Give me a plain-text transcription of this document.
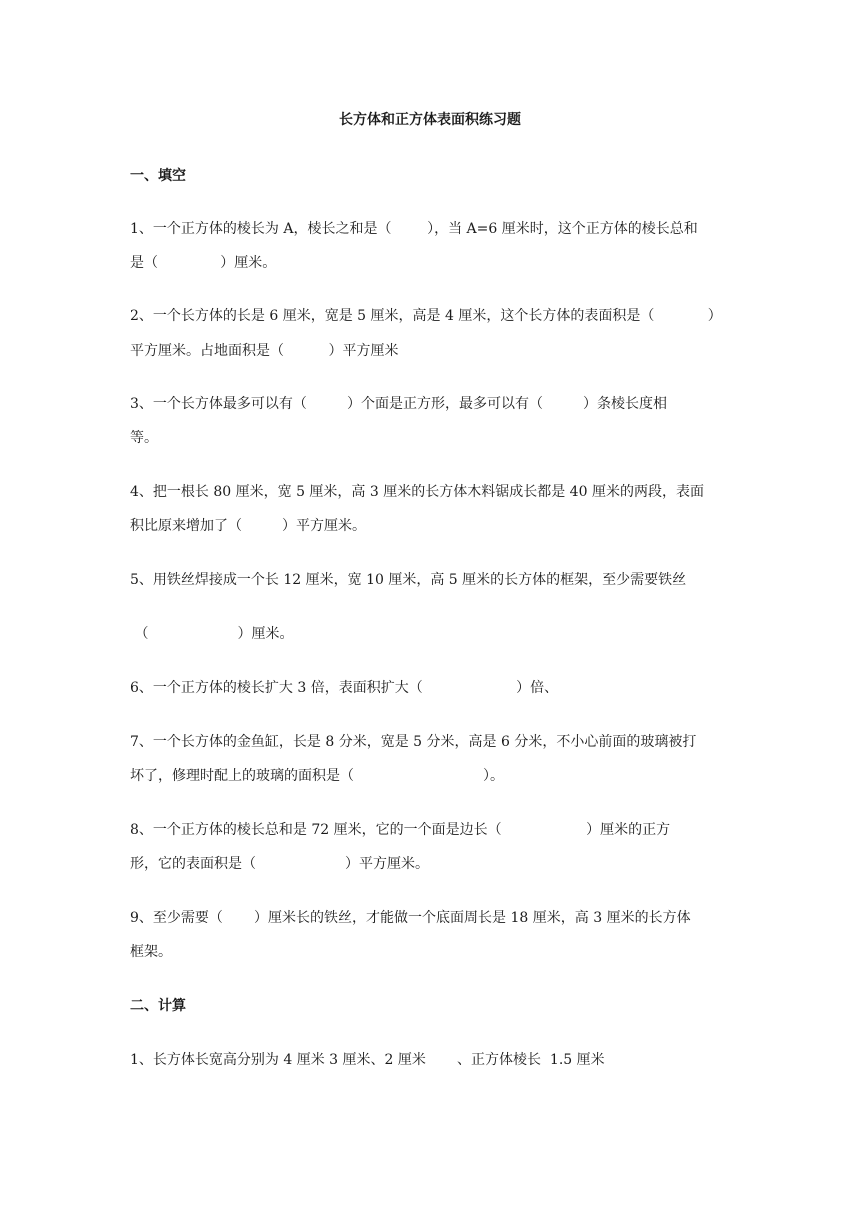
长方体和正方体表面积练习题
一、填空
1、一个正方体的棱长为 A，棱长之和是（        ），当 A=6 厘米时，这个正方体的棱长总和
是（              ）厘米。
2、一个长方体的长是 6 厘米，宽是 5 厘米，高是 4 厘米，这个长方体的表面积是（            ）
平方厘米。占地面积是（          ）平方厘米
3、一个长方体最多可以有（         ）个面是正方形，最多可以有（         ）条棱长度相
等。
4、把一根长 80 厘米，宽 5 厘米，高 3 厘米的长方体木料锯成长都是 40 厘米的两段，表面
积比原来增加了（         ）平方厘米。
5、用铁丝焊接成一个长 12 厘米，宽 10 厘米，高 5 厘米的长方体的框架，至少需要铁丝
（                    ）厘米。
6、一个正方体的棱长扩大 3 倍，表面积扩大（                     ）倍、
7、一个长方体的金鱼缸，长是 8 分米，宽是 5 分米，高是 6 分米，不小心前面的玻璃被打
坏了，修理时配上的玻璃的面积是（                             ）。
8、一个正方体的棱长总和是 72 厘米，它的一个面是边长（                   ）厘米的正方
形，它的表面积是（                    ）平方厘米。
9、至少需要（       ）厘米长的铁丝，才能做一个底面周长是 18 厘米，高 3 厘米的长方体
框架。
二、计算
1、长方体长宽高分别为 4 厘米 3 厘米、2 厘米       、正方体棱长  1.5 厘米
